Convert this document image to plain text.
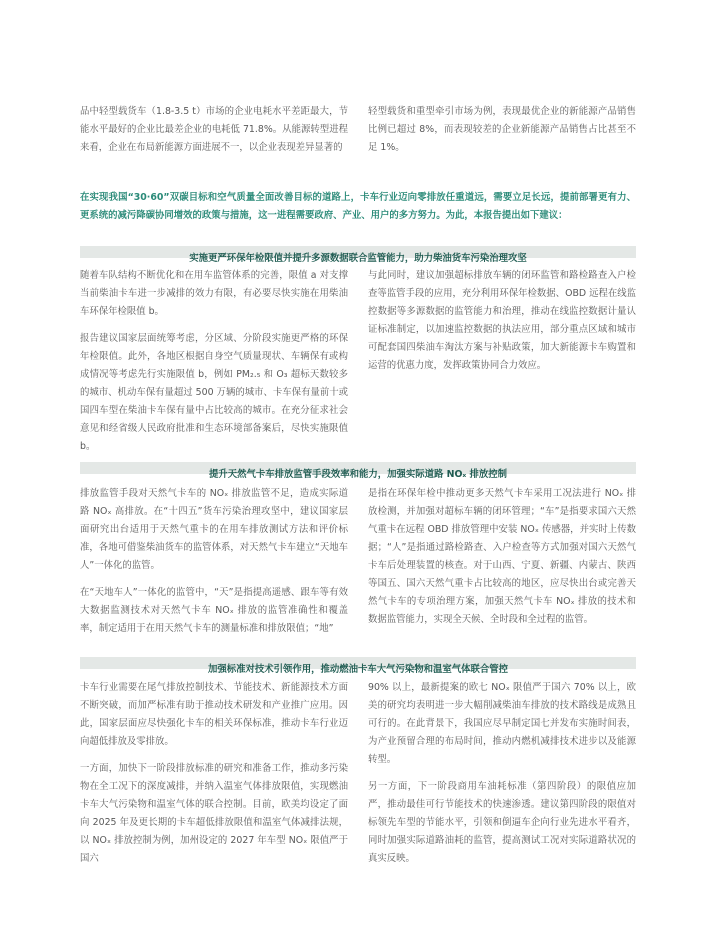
品中轻型载货车（1.8-3.5 t）市场的企业电耗水平差距最大，节能水平最好的企业比最差企业的电耗低 71.8%。从能源转型进程来看，企业在布局新能源方面进展不一，以企业表现差异显著的

轻型载货和重型牵引市场为例，表现最优企业的新能源产品销售比例已超过 8%，而表现较差的企业新能源产品销售占比甚至不足 1%。

在实现我国“30·60”双碳目标和空气质量全面改善目标的道路上，卡车行业迈向零排放任重道远，需要立足长远，提前部署更有力、更系统的减污降碳协同增效的政策与措施，这一进程需要政府、产业、用户的多方努力。为此，本报告提出如下建议：

实施更严环保年检限值并提升多源数据联合监管能力，助力柴油货车污染治理攻坚

随着车队结构不断优化和在用车监管体系的完善，限值 a 对支撑当前柴油卡车进一步减排的效力有限，有必要尽快实施在用柴油车环保年检限值 b。

报告建议国家层面统筹考虑，分区域、分阶段实施更严格的环保年检限值。此外，各地区根据自身空气质量现状、车辆保有或构成情况等考虑先行实施限值 b，例如 PM₂.₅ 和 O₃ 超标天数较多的城市、机动车保有量超过 500 万辆的城市、卡车保有量前十或国四车型在柴油卡车保有量中占比较高的城市。在充分征求社会意见和经省级人民政府批准和生态环境部备案后，尽快实施限值 b。

与此同时，建议加强超标排放车辆的闭环监管和路检路查入户检查等监管手段的应用，充分利用环保年检数据、OBD 远程在线监控数据等多源数据的监管能力和治理，推动在线监控数据计量认证标准制定，以加速监控数据的执法应用，部分重点区域和城市可配套国四柴油车淘汰方案与补贴政策，加大新能源卡车购置和运营的优惠力度，发挥政策协同合力效应。

提升天然气卡车排放监管手段效率和能力，加强实际道路 NOₓ 排放控制

排放监管手段对天然气卡车的 NOₓ 排放监管不足，造成实际道路 NOₓ 高排放。在“十四五”货车污染治理攻坚中，建议国家层面研究出台适用于天然气重卡的在用车排放测试方法和评价标准，各地可借鉴柴油货车的监管体系，对天然气卡车建立“天地车人”一体化的监管。

在“天地车人”一体化的监管中，“天”是指提高遥感、跟车等有效大数据监测技术对天然气卡车 NOₓ 排放的监管准确性和覆盖率，制定适用于在用天然气卡车的测量标准和排放限值；“地”

是指在环保年检中推动更多天然气卡车采用工况法进行 NOₓ 排放检测，并加强对超标车辆的闭环管理；“车”是指要求国六天然气重卡在远程 OBD 排放管理中安装 NOₓ 传感器，并实时上传数据；“人”是指通过路检路查、入户检查等方式加强对国六天然气卡车后处理装置的核查。对于山西、宁夏、新疆、内蒙古、陕西等国五、国六天然气重卡占比较高的地区，应尽快出台或完善天然气卡车的专项治理方案，加强天然气卡车 NOₓ 排放的技术和数据监管能力，实现全天候、全时段和全过程的监管。

加强标准对技术引领作用，推动燃油卡车大气污染物和温室气体联合管控

卡车行业需要在尾气排放控制技术、节能技术、新能源技术方面不断突破，而加严标准有助于推动技术研发和产业推广应用。因此，国家层面应尽快强化卡车的相关环保标准，推动卡车行业迈向超低排放及零排放。

一方面，加快下一阶段排放标准的研究和准备工作，推动多污染物在全工况下的深度减排，并纳入温室气体排放限值，实现燃油卡车大气污染物和温室气体的联合控制。目前，欧美均设定了面向 2025 年及更长期的卡车超低排放限值和温室气体减排法规，以 NOₓ 排放控制为例，加州设定的 2027 年车型 NOₓ 限值严于国六

90% 以上，最新提案的欧七 NOₓ 限值严于国六 70% 以上，欧美的研究均表明进一步大幅削减柴油车排放的技术路线是成熟且可行的。在此背景下，我国应尽早制定国七并发布实施时间表，为产业预留合理的布局时间，推动内燃机减排技术进步以及能源转型。

另一方面，下一阶段商用车油耗标准（第四阶段）的限值应加严，推动最佳可行节能技术的快速渗透。建议第四阶段的限值对标领先车型的节能水平，引领和倒逼车企向行业先进水平看齐，同时加强实际道路油耗的监管，提高测试工况对实际道路状况的真实反映。
